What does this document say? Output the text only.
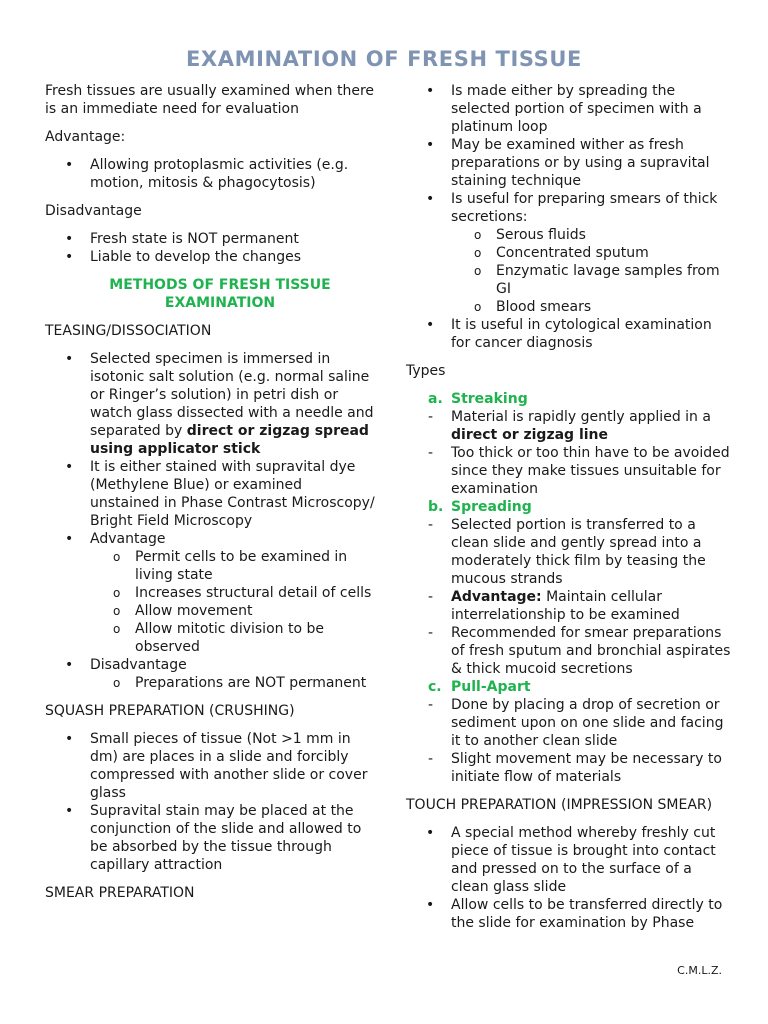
EXAMINATION OF FRESH TISSUE

Fresh tissues are usually examined when there is an immediate need for evaluation

Advantage:

• Allowing protoplasmic activities (e.g. motion, mitosis & phagocytosis)

Disadvantage

• Fresh state is NOT permanent
• Liable to develop the changes
METHODS OF FRESH TISSUE
EXAMINATION

TEASING/DISSOCIATION

• Selected specimen is immersed in isotonic salt solution (e.g. normal saline or Ringer’s solution) in petri dish or watch glass dissected with a needle and separated by direct or zigzag spread using applicator stick
• It is either stained with supravital dye (Methylene Blue) or examined unstained in Phase Contrast Microscopy/ Bright Field Microscopy
• Advantage
o Permit cells to be examined in living state
o Increases structural detail of cells
o Allow movement
o Allow mitotic division to be observed
• Disadvantage
o Preparations are NOT permanent

SQUASH PREPARATION (CRUSHING)

• Small pieces of tissue (Not >1 mm in dm) are places in a slide and forcibly compressed with another slide or cover glass
• Supravital stain may be placed at the conjunction of the slide and allowed to be absorbed by the tissue through capillary attraction

SMEAR PREPARATION

• Is made either by spreading the selected portion of specimen with a platinum loop
• May be examined wither as fresh preparations or by using a supravital staining technique
• Is useful for preparing smears of thick secretions:
o Serous fluids
o Concentrated sputum
o Enzymatic lavage samples from GI
o Blood smears
• It is useful in cytological examination for cancer diagnosis

Types

a. Streaking
- Material is rapidly gently applied in a direct or zigzag line
- Too thick or too thin have to be avoided since they make tissues unsuitable for examination
b. Spreading
- Selected portion is transferred to a clean slide and gently spread into a moderately thick film by teasing the mucous strands
- Advantage: Maintain cellular interrelationship to be examined
- Recommended for smear preparations of fresh sputum and bronchial aspirates & thick mucoid secretions
c. Pull-Apart
- Done by placing a drop of secretion or sediment upon on one slide and facing it to another clean slide
- Slight movement may be necessary to initiate flow of materials

TOUCH PREPARATION (IMPRESSION SMEAR)

• A special method whereby freshly cut piece of tissue is brought into contact and pressed on to the surface of a clean glass slide
• Allow cells to be transferred directly to the slide for examination by Phase
C.M.L.Z.
